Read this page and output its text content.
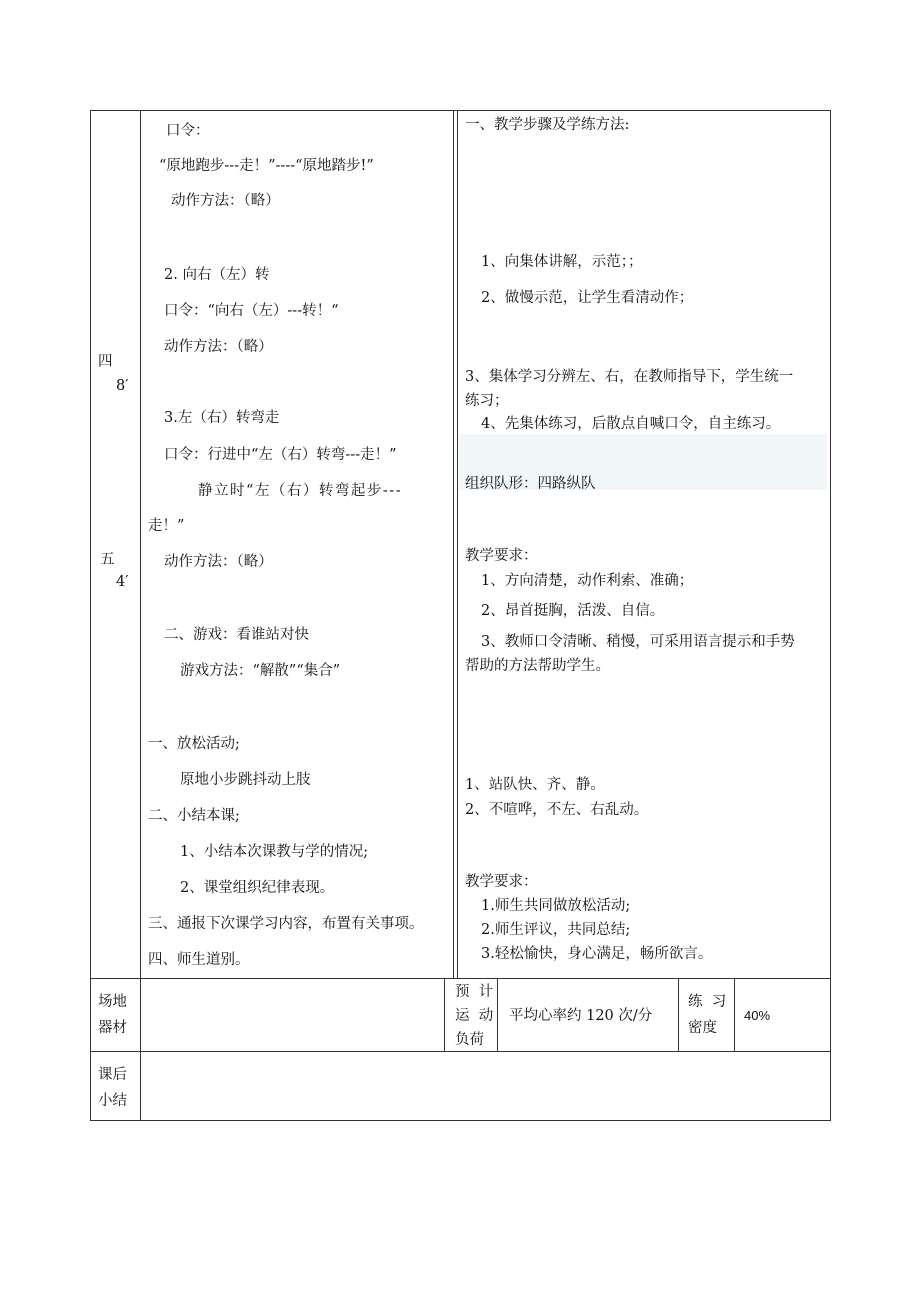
四
8′
五
4′
口令：
“原地跑步---走！”----“原地踏步!”
动作方法：（略）
2. 向右（左）转
口令：“向右（左）---转！“
动作方法：（略）
3.左（右）转弯走
口令：行进中“左（右）转弯---走！”
静立时“左（右）转弯起步---
走！”
动作方法：（略）
二、游戏：看谁站对快
游戏方法：“解散”“集合”
一、放松活动;
原地小步跳抖动上肢
二、小结本课;
1、小结本次课教与学的情况;
2、课堂组织纪律表现。
三、通报下次课学习内容，布置有关事项。
四、师生道别。
一、教学步骤及学练方法:
1、向集体讲解，示范；；
2、做慢示范，让学生看清动作；
3、集体学习分辨左、右，在教师指导下，学生统一
练习；
4、先集体练习，后散点自喊口令，自主练习。
组织队形：四路纵队
教学要求：
1、方向清楚，动作利索、准确；
2、昂首挺胸，活泼、自信。
3、教师口令清晰、稍慢，可采用语言提示和手势
帮助的方法帮助学生。
1、站队快、齐、静。
2、不喧哗，不左、右乱动。
教学要求：
1.师生共同做放松活动;
2.师生评议，共同总结;
3.轻松愉快，身心满足，畅所欲言。
场地
器材
预  计
运  动
负荷
平均心率约 120 次/分
练  习
密度
40%
课后
小结
